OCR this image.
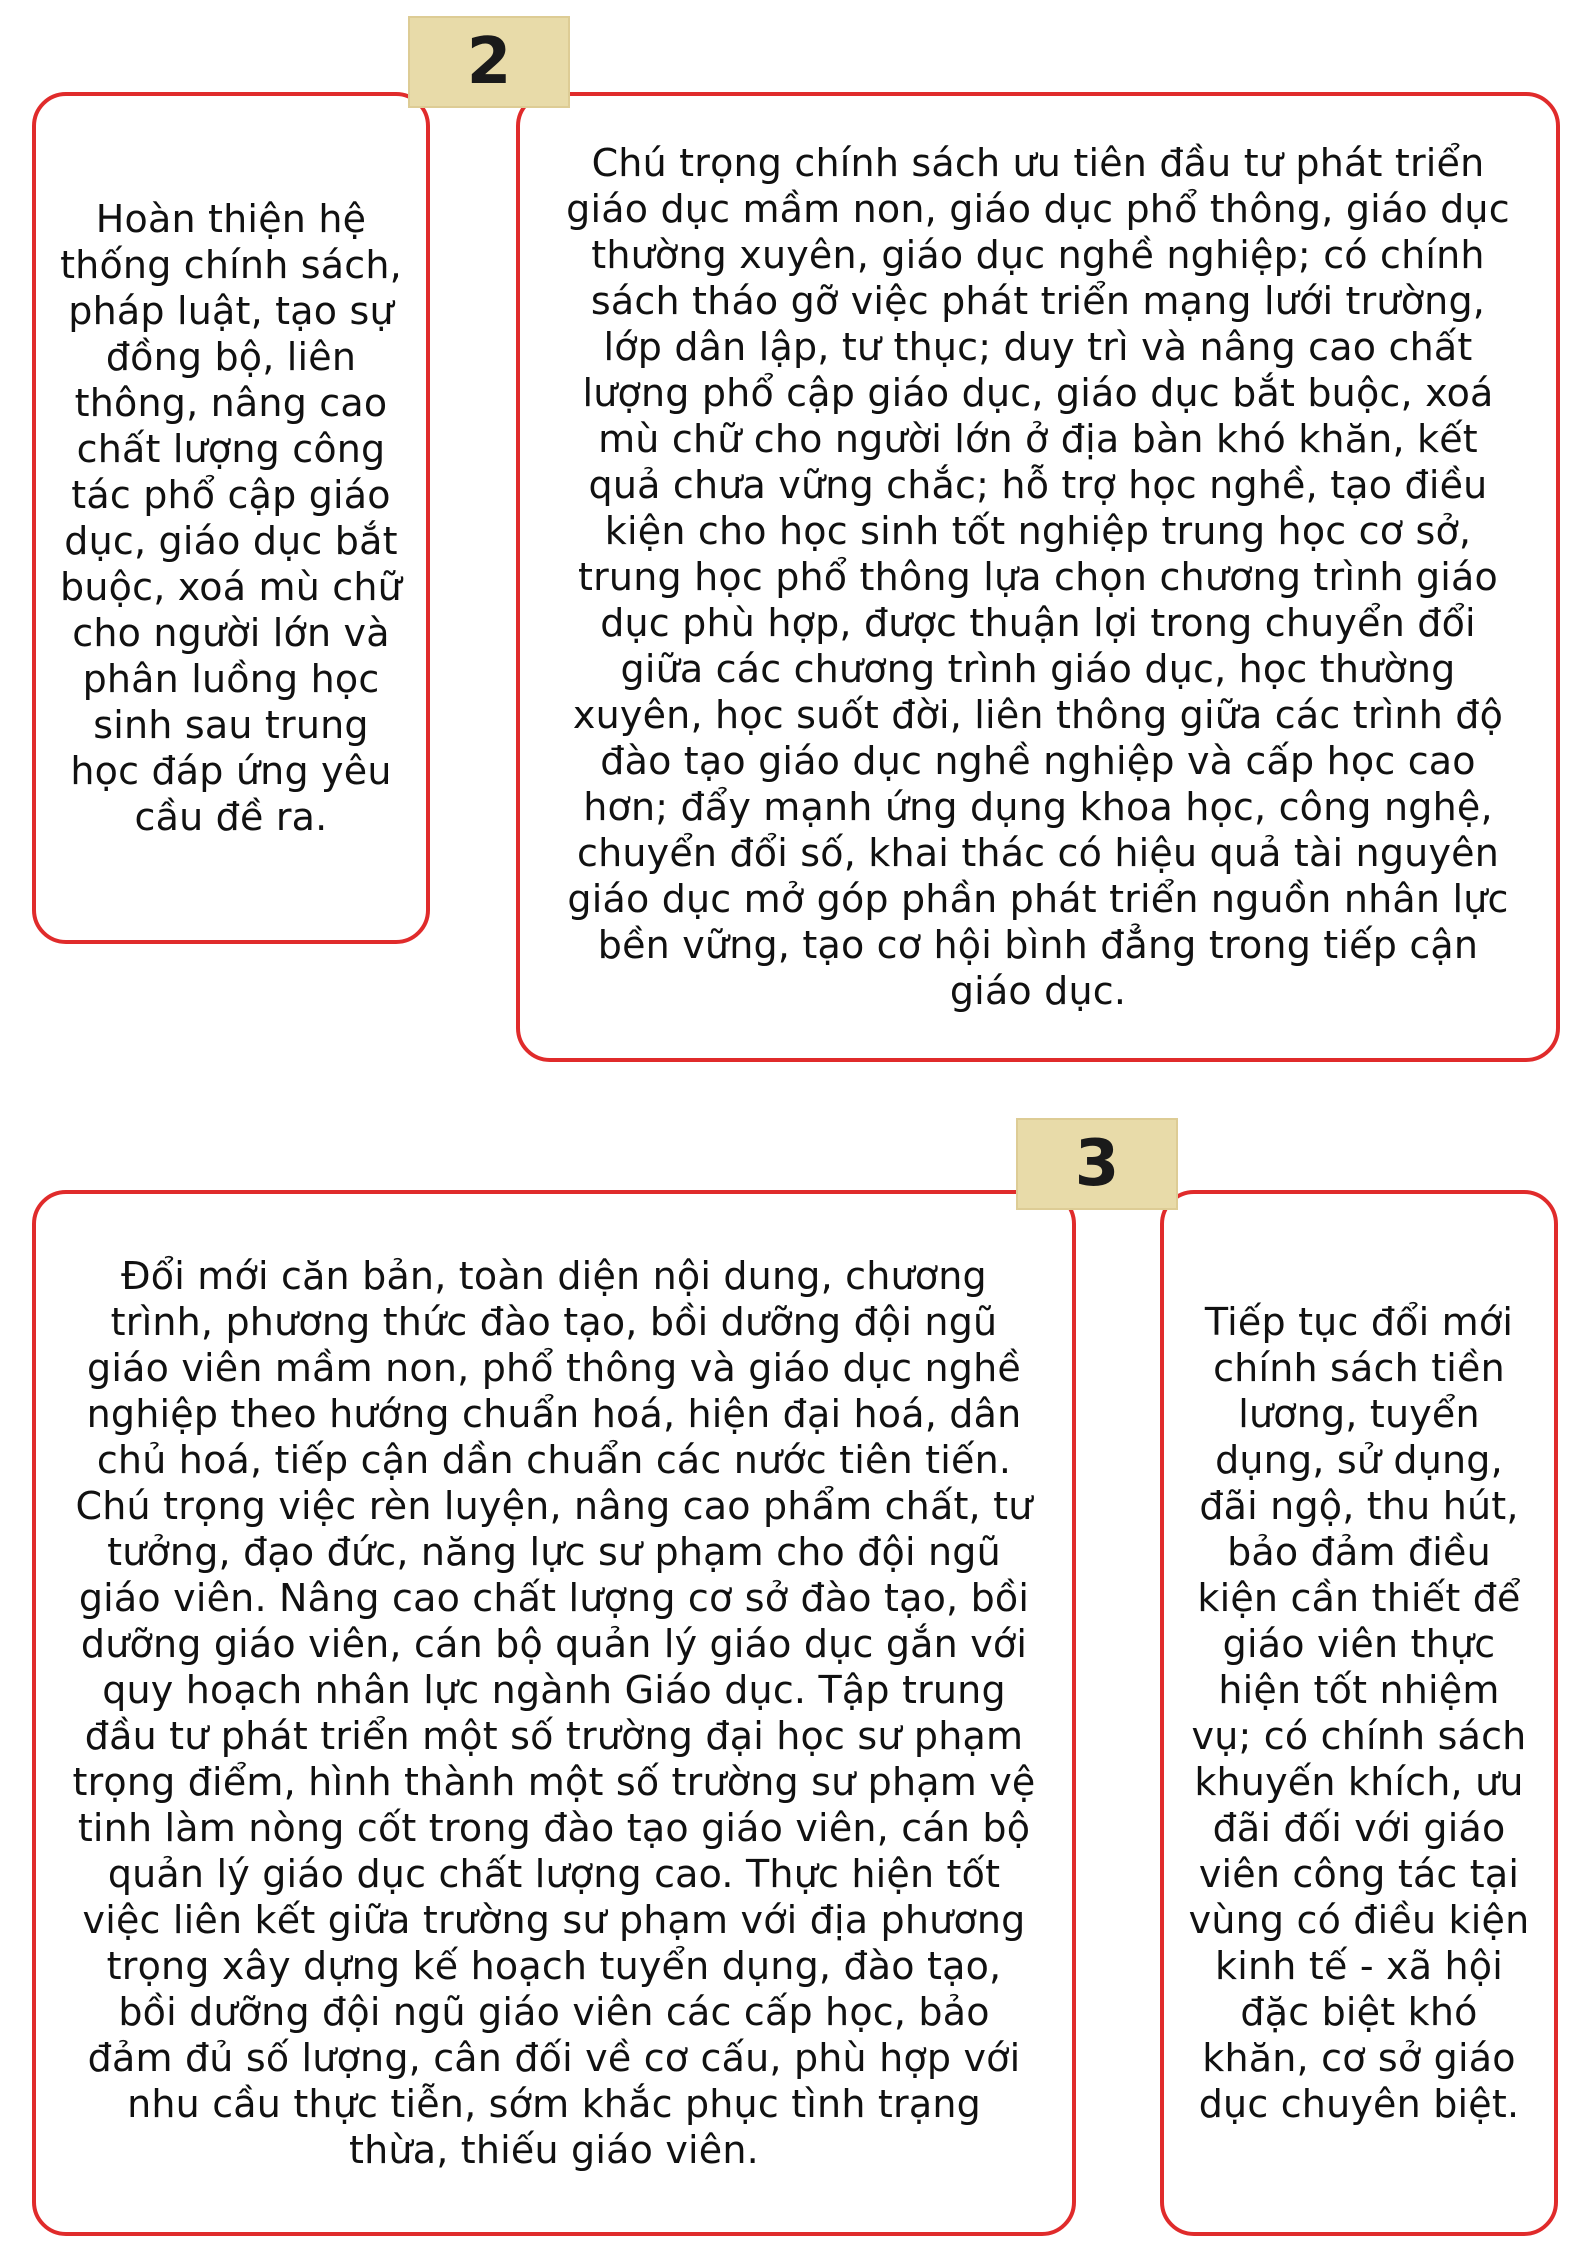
Hoàn thiện hệ thống chính sách, pháp luật, tạo sự đồng bộ, liên thông, nâng cao chất lượng công tác phổ cập giáo dục, giáo dục bắt buộc, xoá mù chữ cho người lớn và phân luồng học sinh sau trung học đáp ứng yêu cầu đề ra.

Chú trọng chính sách ưu tiên đầu tư phát triển giáo dục mầm non, giáo dục phổ thông, giáo dục thường xuyên, giáo dục nghề nghiệp; có chính sách tháo gỡ việc phát triển mạng lưới trường, lớp dân lập, tư thục; duy trì và nâng cao chất lượng phổ cập giáo dục, giáo dục bắt buộc, xoá mù chữ cho người lớn ở địa bàn khó khăn, kết quả chưa vững chắc; hỗ trợ học nghề, tạo điều kiện cho học sinh tốt nghiệp trung học cơ sở, trung học phổ thông lựa chọn chương trình giáo dục phù hợp, được thuận lợi trong chuyển đổi giữa các chương trình giáo dục, học thường xuyên, học suốt đời, liên thông giữa các trình độ đào tạo giáo dục nghề nghiệp và cấp học cao hơn; đẩy mạnh ứng dụng khoa học, công nghệ, chuyển đổi số, khai thác có hiệu quả tài nguyên giáo dục mở góp phần phát triển nguồn nhân lực bền vững, tạo cơ hội bình đẳng trong tiếp cận giáo dục.

2

Đổi mới căn bản, toàn diện nội dung, chương trình, phương thức đào tạo, bồi dưỡng đội ngũ giáo viên mầm non, phổ thông và giáo dục nghề nghiệp theo hướng chuẩn hoá, hiện đại hoá, dân chủ hoá, tiếp cận dần chuẩn các nước tiên tiến. Chú trọng việc rèn luyện, nâng cao phẩm chất, tư tưởng, đạo đức, năng lực sư phạm cho đội ngũ giáo viên. Nâng cao chất lượng cơ sở đào tạo, bồi dưỡng giáo viên, cán bộ quản lý giáo dục gắn với quy hoạch nhân lực ngành Giáo dục. Tập trung đầu tư phát triển một số trường đại học sư phạm trọng điểm, hình thành một số trường sư phạm vệ tinh làm nòng cốt trong đào tạo giáo viên, cán bộ quản lý giáo dục chất lượng cao. Thực hiện tốt việc liên kết giữa trường sư phạm với địa phương trọng xây dựng kế hoạch tuyển dụng, đào tạo, bồi dưỡng đội ngũ giáo viên các cấp học, bảo đảm đủ số lượng, cân đối về cơ cấu, phù hợp với nhu cầu thực tiễn, sớm khắc phục tình trạng thừa, thiếu giáo viên.

Tiếp tục đổi mới chính sách tiền lương, tuyển dụng, sử dụng, đãi ngộ, thu hút, bảo đảm điều kiện cần thiết để giáo viên thực hiện tốt nhiệm vụ; có chính sách khuyến khích, ưu đãi đối với giáo viên công tác tại vùng có điều kiện kinh tế - xã hội đặc biệt khó khăn, cơ sở giáo dục chuyên biệt.

3
